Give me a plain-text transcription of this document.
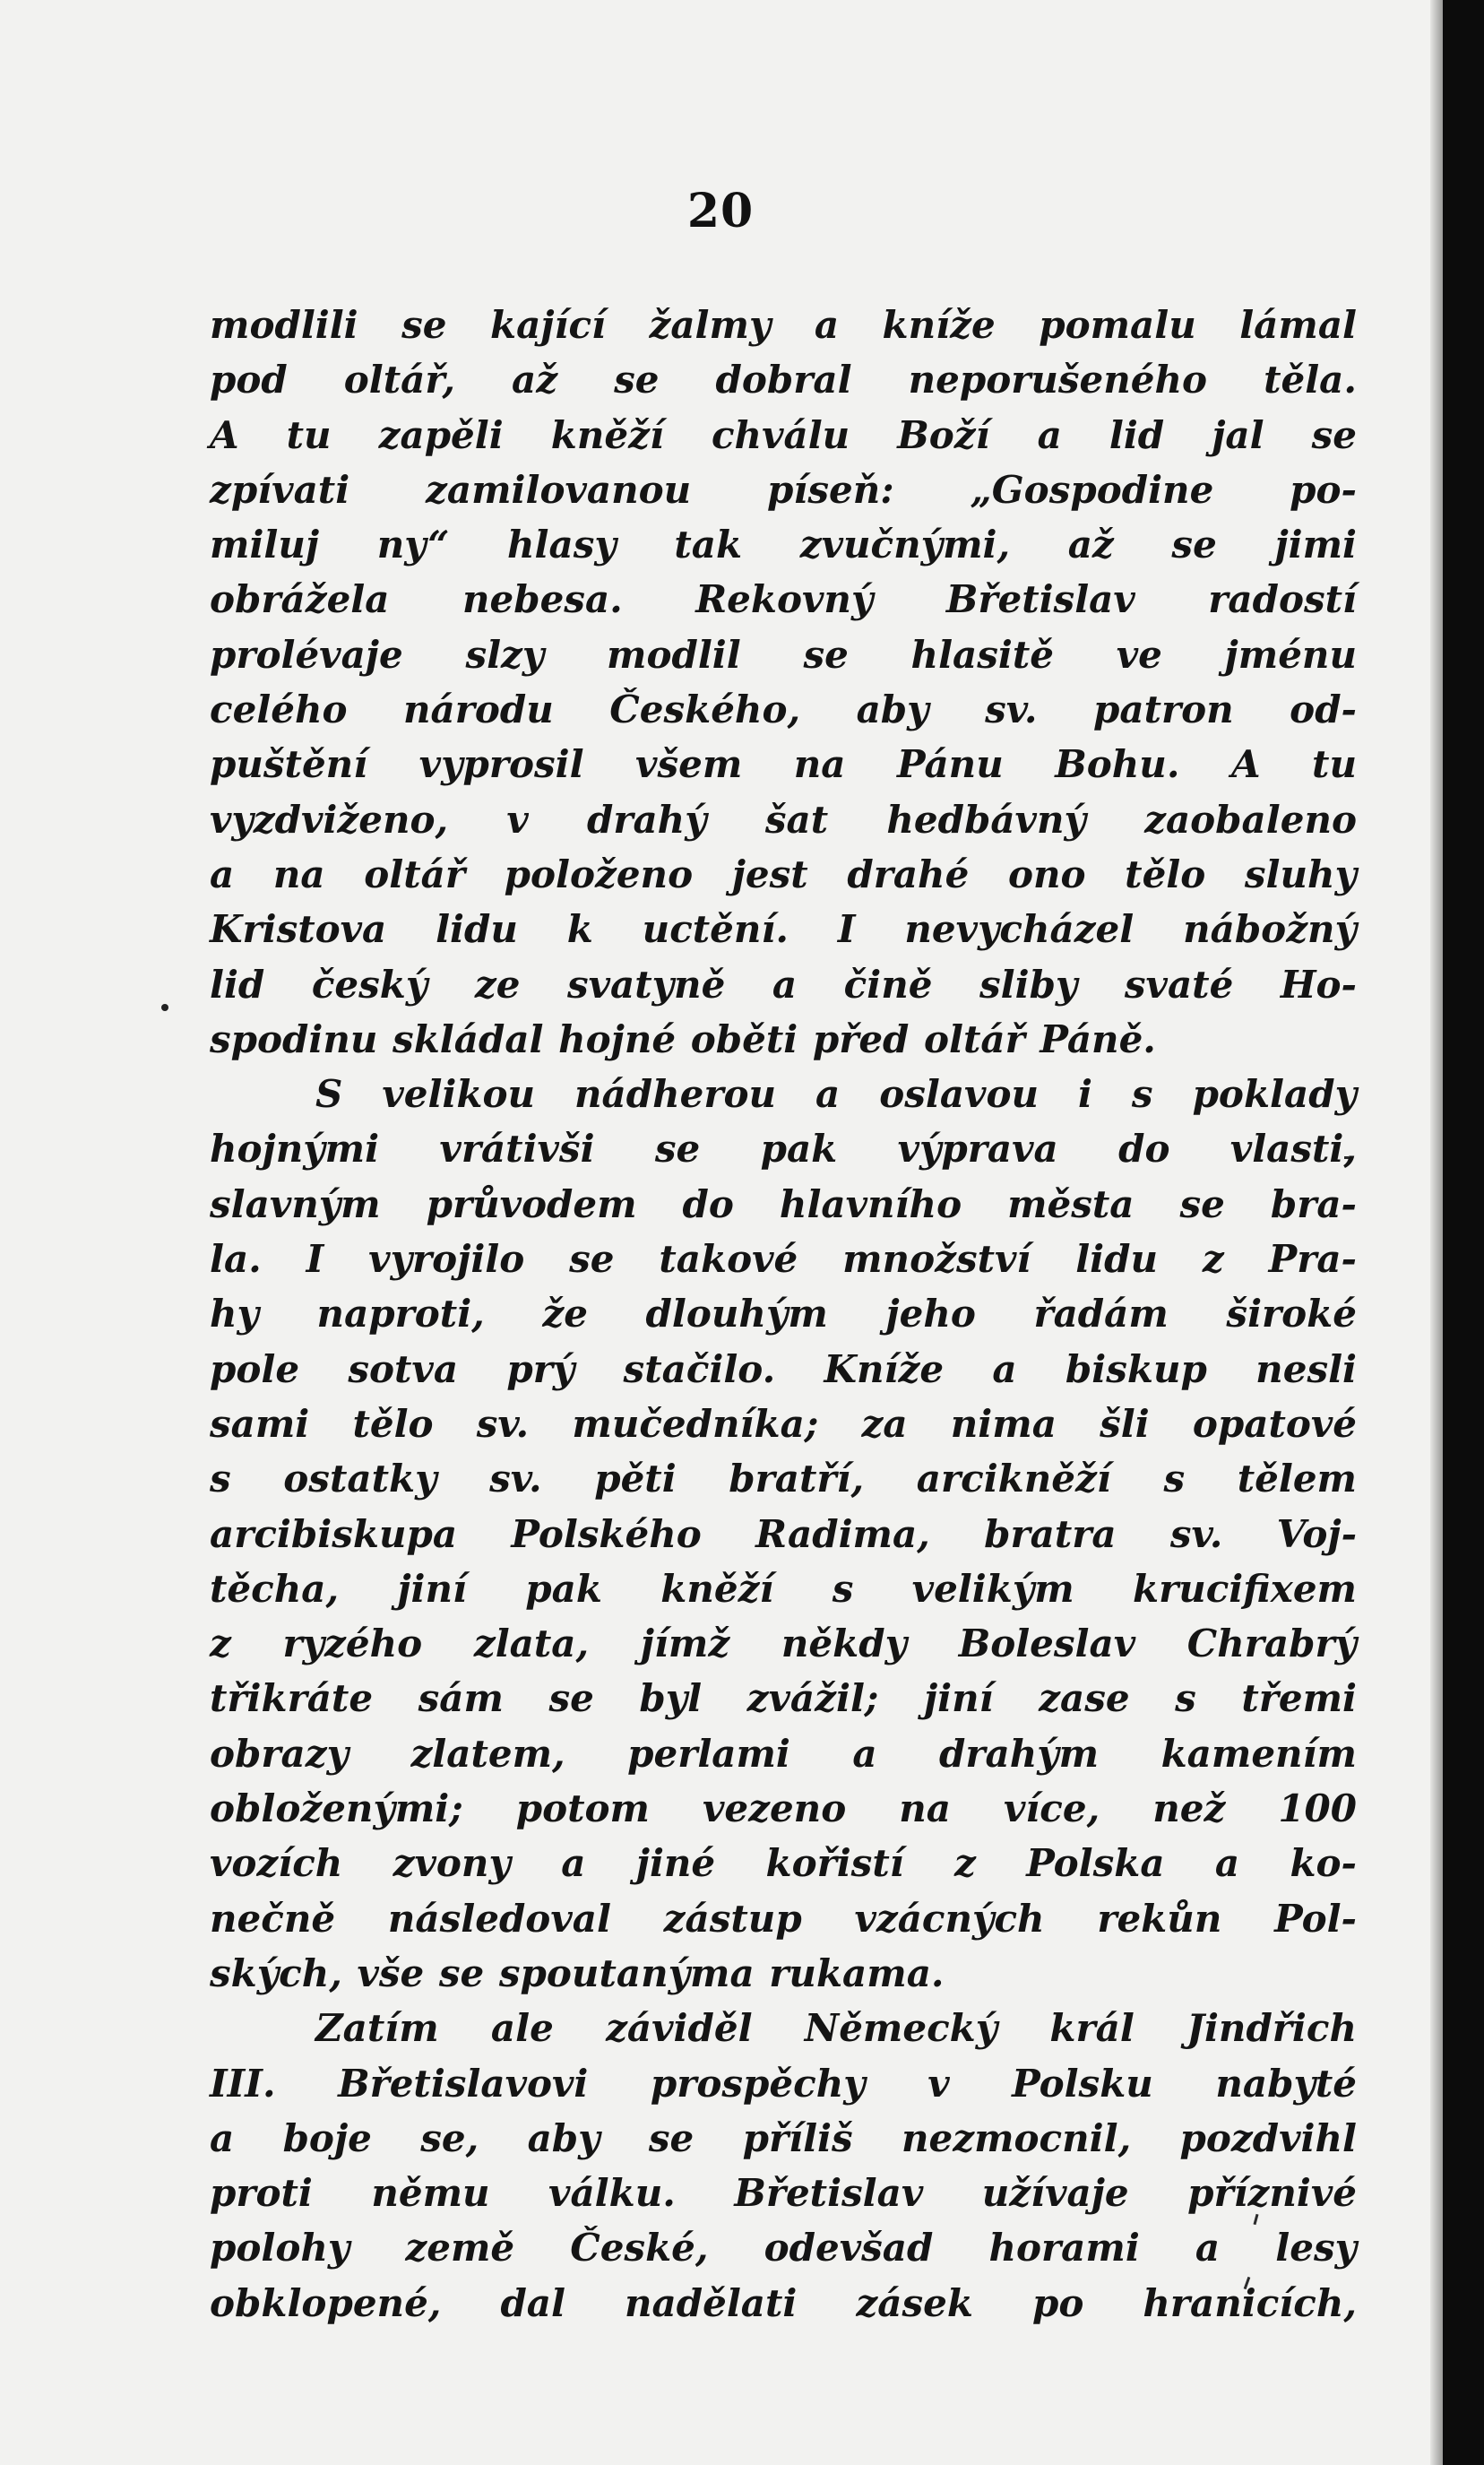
20
modlili se kající žalmy a kníže pomalu lámal
pod oltář, až se dobral neporušeného těla.
A tu zapěli kněží chválu Boží a lid jal se
zpívati zamilovanou píseň: „Gospodine po-
miluj ny“ hlasy tak zvučnými, až se jimi
obrážela nebesa. Rekovný Břetislav radostí
prolévaje slzy modlil se hlasitě ve jménu
celého národu Českého, aby sv. patron od-
puštění vyprosil všem na Pánu Bohu. A tu
vyzdviženo, v drahý šat hedbávný zaobaleno
a na oltář položeno jest drahé ono tělo sluhy
Kristova lidu k uctění. I nevycházel nábožný
lid český ze svatyně a čině sliby svaté Ho-
spodinu skládal hojné oběti před oltář Páně.
S velikou nádherou a oslavou i s poklady
hojnými vrátivši se pak výprava do vlasti,
slavným průvodem do hlavního města se bra-
la. I vyrojilo se takové množství lidu z Pra-
hy naproti, že dlouhým jeho řadám široké
pole sotva prý stačilo. Kníže a biskup nesli
sami tělo sv. mučedníka; za nima šli opatové
s ostatky sv. pěti bratří, arcikněží s tělem
arcibiskupa Polského Radima, bratra sv. Voj-
těcha, jiní pak kněží s velikým krucifixem
z ryzého zlata, jímž někdy Boleslav Chrabrý
třikráte sám se byl zvážil; jiní zase s třemi
obrazy zlatem, perlami a drahým kamením
obloženými; potom vezeno na více, než 100
vozích zvony a jiné kořistí z Polska a ko-
nečně následoval zástup vzácných rekůn Pol-
ských, vše se spoutanýma rukama.
Zatím ale záviděl Německý král Jindřich
III. Břetislavovi prospěchy v Polsku nabyté
a boje se, aby se příliš nezmocnil, pozdvihl
proti němu válku. Břetislav užívaje příznivé
polohy země České, odevšad horami a lesy
obklopené, dal nadělati zásek po hranicích,
